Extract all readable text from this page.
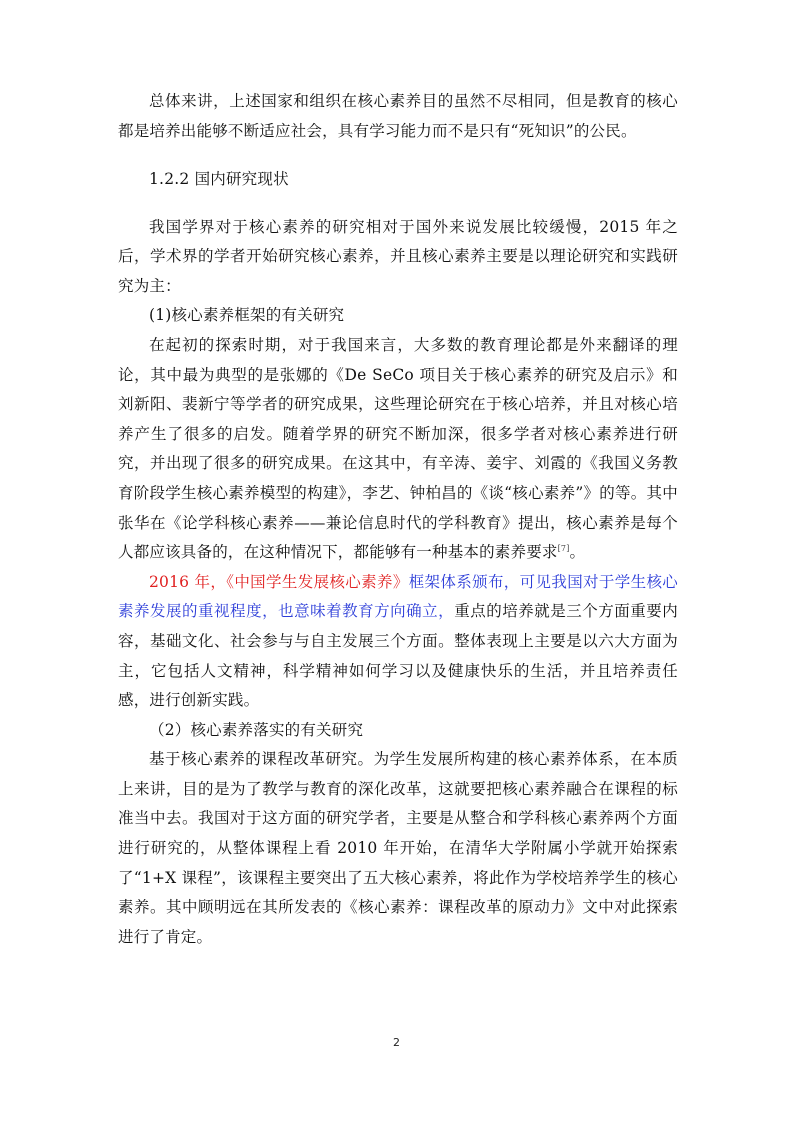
总体来讲，上述国家和组织在核心素养目的虽然不尽相同，但是教育的核心都是培养出能够不断适应社会，具有学习能力而不是只有“死知识”的公民。

1.2.2 国内研究现状

我国学界对于核心素养的研究相对于国外来说发展比较缓慢，2015 年之后，学术界的学者开始研究核心素养，并且核心素养主要是以理论研究和实践研究为主：

(1)核心素养框架的有关研究

在起初的探索时期，对于我国来言，大多数的教育理论都是外来翻译的理论，其中最为典型的是张娜的《De SeCo 项目关于核心素养的研究及启示》和刘新阳、裴新宁等学者的研究成果，这些理论研究在于核心培养，并且对核心培养产生了很多的启发。随着学界的研究不断加深，很多学者对核心素养进行研究，并出现了很多的研究成果。在这其中，有辛涛、姜宇、刘霞的《我国义务教育阶段学生核心素养模型的构建》，李艺、钟柏昌的《谈“核心素养”》的等。其中张华在《论学科核心素养——兼论信息时代的学科教育》提出，核心素养是每个人都应该具备的，在这种情况下，都能够有一种基本的素养要求[7]。

2016 年，《中国学生发展核心素养》框架体系颁布，可见我国对于学生核心素养发展的重视程度，也意味着教育方向确立，重点的培养就是三个方面重要内容，基础文化、社会参与与自主发展三个方面。整体表现上主要是以六大方面为主，它包括人文精神，科学精神如何学习以及健康快乐的生活，并且培养责任感，进行创新实践。

（2）核心素养落实的有关研究

基于核心素养的课程改革研究。为学生发展所构建的核心素养体系，在本质上来讲，目的是为了教学与教育的深化改革，这就要把核心素养融合在课程的标准当中去。我国对于这方面的研究学者，主要是从整合和学科核心素养两个方面进行研究的，从整体课程上看 2010 年开始，在清华大学附属小学就开始探索了“1+X 课程”，该课程主要突出了五大核心素养，将此作为学校培养学生的核心素养。其中顾明远在其所发表的《核心素养：课程改革的原动力》文中对此探索进行了肯定。

2
